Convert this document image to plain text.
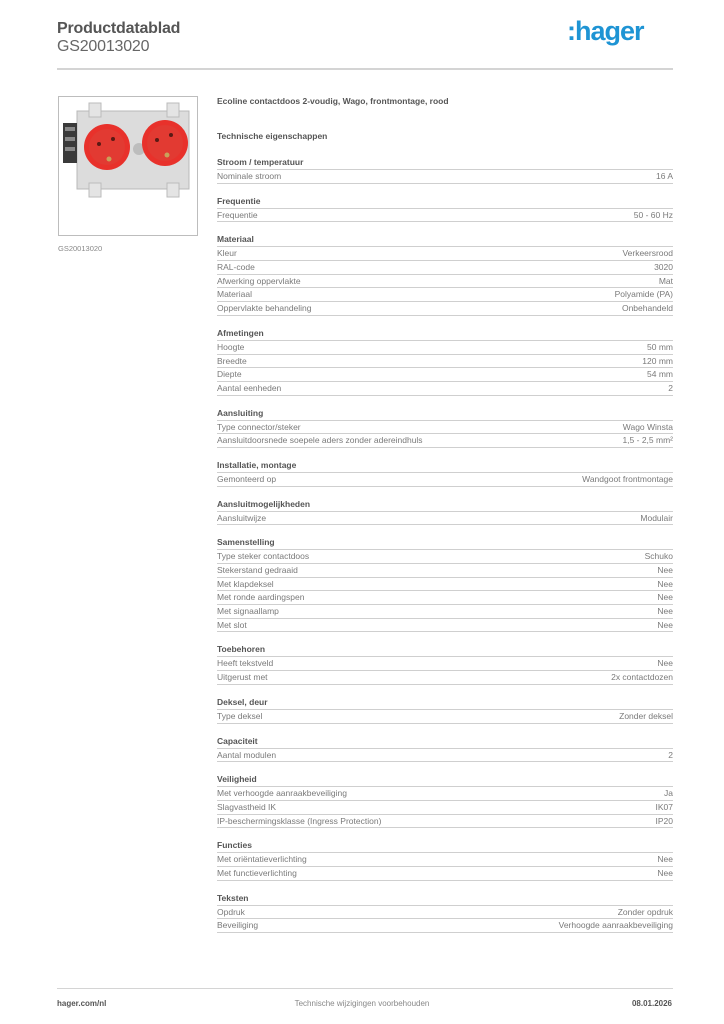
Productdatablad
GS20013020
:hager
GS20013020
Ecoline contactdoos 2-voudig, Wago, frontmontage, rood
Technische eigenschappen
Stroom / temperatuur
Nominale stroom	16 A
Frequentie
Frequentie	50 - 60 Hz
Materiaal
Kleur	Verkeersrood
RAL-code	3020
Afwerking oppervlakte	Mat
Materiaal	Polyamide (PA)
Oppervlakte behandeling	Onbehandeld
Afmetingen
Hoogte	50 mm
Breedte	120 mm
Diepte	54 mm
Aantal eenheden	2
Aansluiting
Type connector/steker	Wago Winsta
Aansluitdoorsnede soepele aders zonder adereindhuls	1,5 - 2,5 mm²
Installatie, montage
Gemonteerd op	Wandgoot frontmontage
Aansluitmogelijkheden
Aansluitwijze	Modulair
Samenstelling
Type steker contactdoos	Schuko
Stekerstand gedraaid	Nee
Met klapdeksel	Nee
Met ronde aardingspen	Nee
Met signaallamp	Nee
Met slot	Nee
Toebehoren
Heeft tekstveld	Nee
Uitgerust met	2x contactdozen
Deksel, deur
Type deksel	Zonder deksel
Capaciteit
Aantal modulen	2
Veiligheid
Met verhoogde aanraakbeveiliging	Ja
Slagvastheid IK	IK07
IP-beschermingsklasse (Ingress Protection)	IP20
Functies
Met oriëntatieverlichting	Nee
Met functieverlichting	Nee
Teksten
Opdruk	Zonder opdruk
Beveiliging	Verhoogde aanraakbeveiliging
hager.com/nl	Technische wijzigingen voorbehouden	08.01.2026
